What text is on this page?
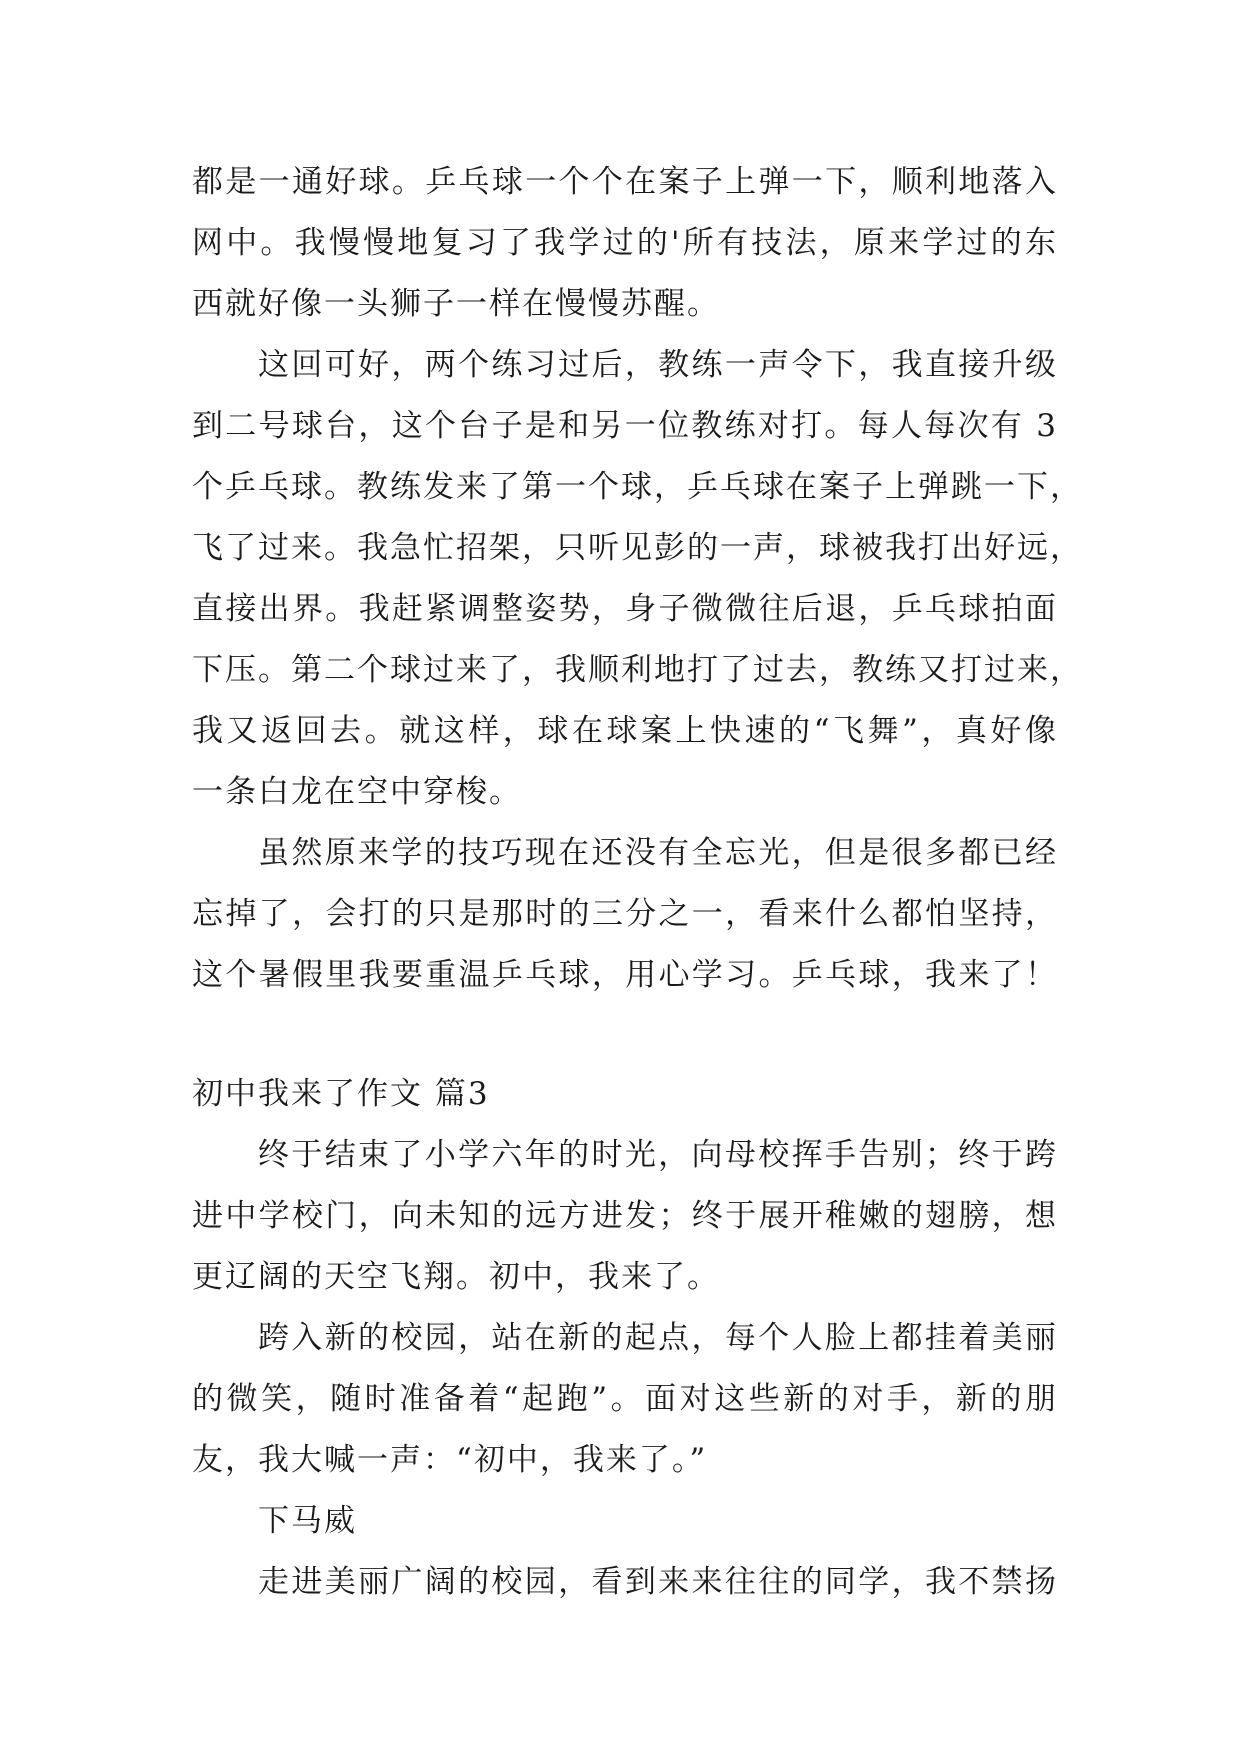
都是一通好球。乒乓球一个个在案子上弹一下，顺利地落入
网中。我慢慢地复习了我学过的'所有技法，原来学过的东
西就好像一头狮子一样在慢慢苏醒。
这回可好，两个练习过后，教练一声令下，我直接升级
到二号球台，这个台子是和另一位教练对打。每人每次有 3
个乒乓球。教练发来了第一个球，乒乓球在案子上弹跳一下，
飞了过来。我急忙招架，只听见彭的一声，球被我打出好远，
直接出界。我赶紧调整姿势，身子微微往后退，乒乓球拍面
下压。第二个球过来了，我顺利地打了过去，教练又打过来，
我又返回去。就这样，球在球案上快速的“飞舞”，真好像
一条白龙在空中穿梭。
虽然原来学的技巧现在还没有全忘光，但是很多都已经
忘掉了，会打的只是那时的三分之一，看来什么都怕坚持，
这个暑假里我要重温乒乓球，用心学习。乒乓球，我来了！
初中我来了作文 篇3
终于结束了小学六年的时光，向母校挥手告别；终于跨
进中学校门，向未知的远方进发；终于展开稚嫩的翅膀，想
更辽阔的天空飞翔。初中，我来了。
跨入新的校园，站在新的起点，每个人脸上都挂着美丽
的微笑，随时准备着“起跑”。面对这些新的对手，新的朋
友，我大喊一声：“初中，我来了。”
下马威
走进美丽广阔的校园，看到来来往往的同学，我不禁扬
